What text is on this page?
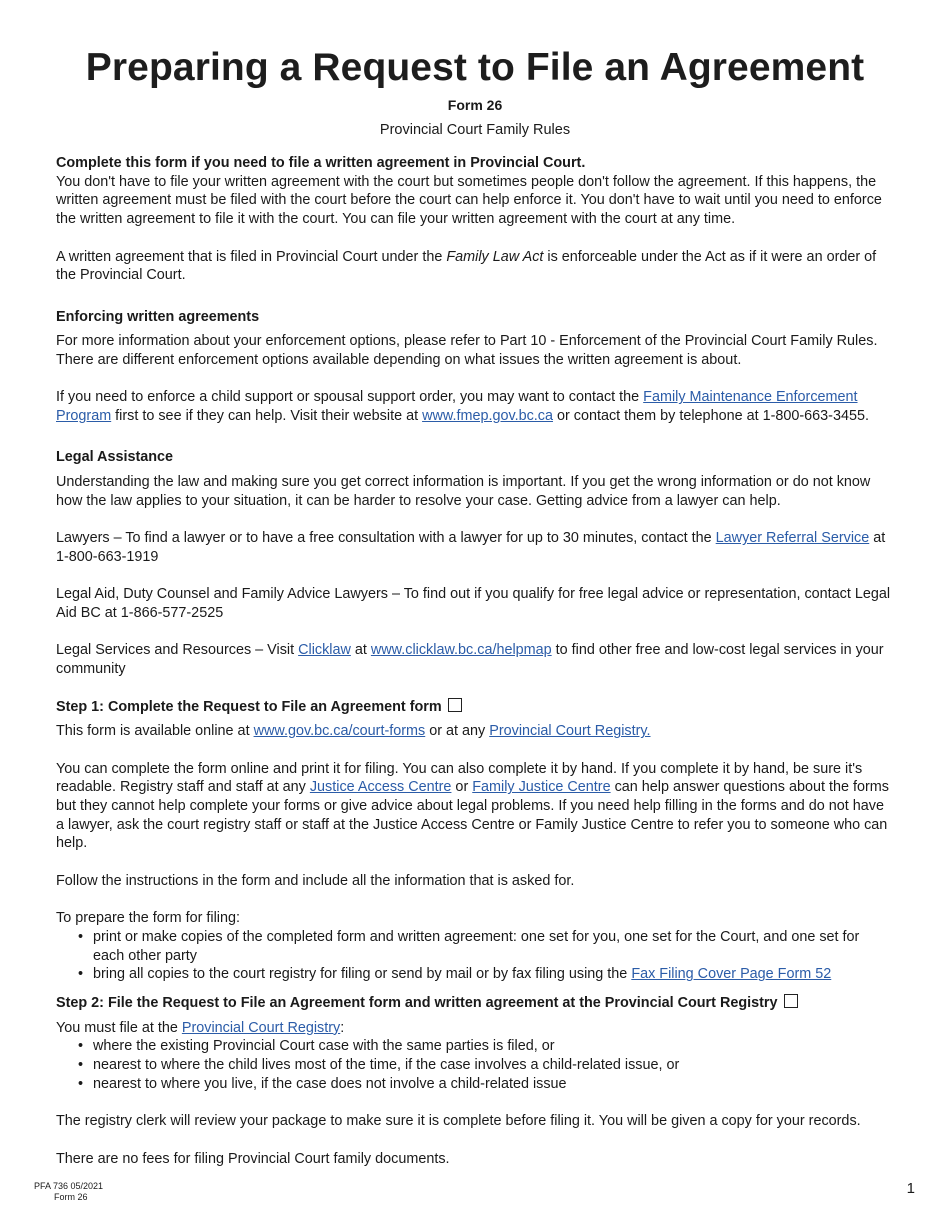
Preparing a Request to File an Agreement
Form 26
Provincial Court Family Rules

Complete this form if you need to file a written agreement in Provincial Court.

You don't have to file your written agreement with the court but sometimes people don't follow the agreement. If this happens, the written agreement must be filed with the court before the court can help enforce it. You don't have to wait until you need to enforce the written agreement to file it with the court. You can file your written agreement with the court at any time.

A written agreement that is filed in Provincial Court under the Family Law Act is enforceable under the Act as if it were an order of the Provincial Court.

Enforcing written agreements

For more information about your enforcement options, please refer to Part 10 - Enforcement of the Provincial Court Family Rules. There are different enforcement options available depending on what issues the written agreement is about.

If you need to enforce a child support or spousal support order, you may want to contact the Family Maintenance Enforcement Program first to see if they can help. Visit their website at www.fmep.gov.bc.ca or contact them by telephone at 1-800-663-3455.

Legal Assistance

Understanding the law and making sure you get correct information is important. If you get the wrong information or do not know how the law applies to your situation, it can be harder to resolve your case. Getting advice from a lawyer can help.

Lawyers – To find a lawyer or to have a free consultation with a lawyer for up to 30 minutes, contact the Lawyer Referral Service at 1-800-663-1919

Legal Aid, Duty Counsel and Family Advice Lawyers – To find out if you qualify for free legal advice or representation, contact Legal Aid BC at 1-866-577-2525

Legal Services and Resources – Visit Clicklaw at www.clicklaw.bc.ca/helpmap to find other free and low-cost legal services in your community

Step 1: Complete the Request to File an Agreement form

This form is available online at www.gov.bc.ca/court-forms or at any Provincial Court Registry.

You can complete the form online and print it for filing. You can also complete it by hand. If you complete it by hand, be sure it's readable. Registry staff and staff at any Justice Access Centre or Family Justice Centre can help answer questions about the forms but they cannot help complete your forms or give advice about legal problems. If you need help filling in the forms and do not have a lawyer, ask the court registry staff or staff at the Justice Access Centre or Family Justice Centre to refer you to someone who can help.

Follow the instructions in the form and include all the information that is asked for.

To prepare the form for filing:

• print or make copies of the completed form and written agreement: one set for you, one set for the Court, and one set for each other party
• bring all copies to the court registry for filing or send by mail or by fax filing using the Fax Filing Cover Page Form 52

Step 2: File the Request to File an Agreement form and written agreement at the Provincial Court Registry

You must file at the Provincial Court Registry:

• where the existing Provincial Court case with the same parties is filed, or
• nearest to where the child lives most of the time, if the case involves a child-related issue, or
• nearest to where you live, if the case does not involve a child-related issue

The registry clerk will review your package to make sure it is complete before filing it. You will be given a copy for your records.

There are no fees for filing Provincial Court family documents.

PFA 736 05/2021
Form 26	1
